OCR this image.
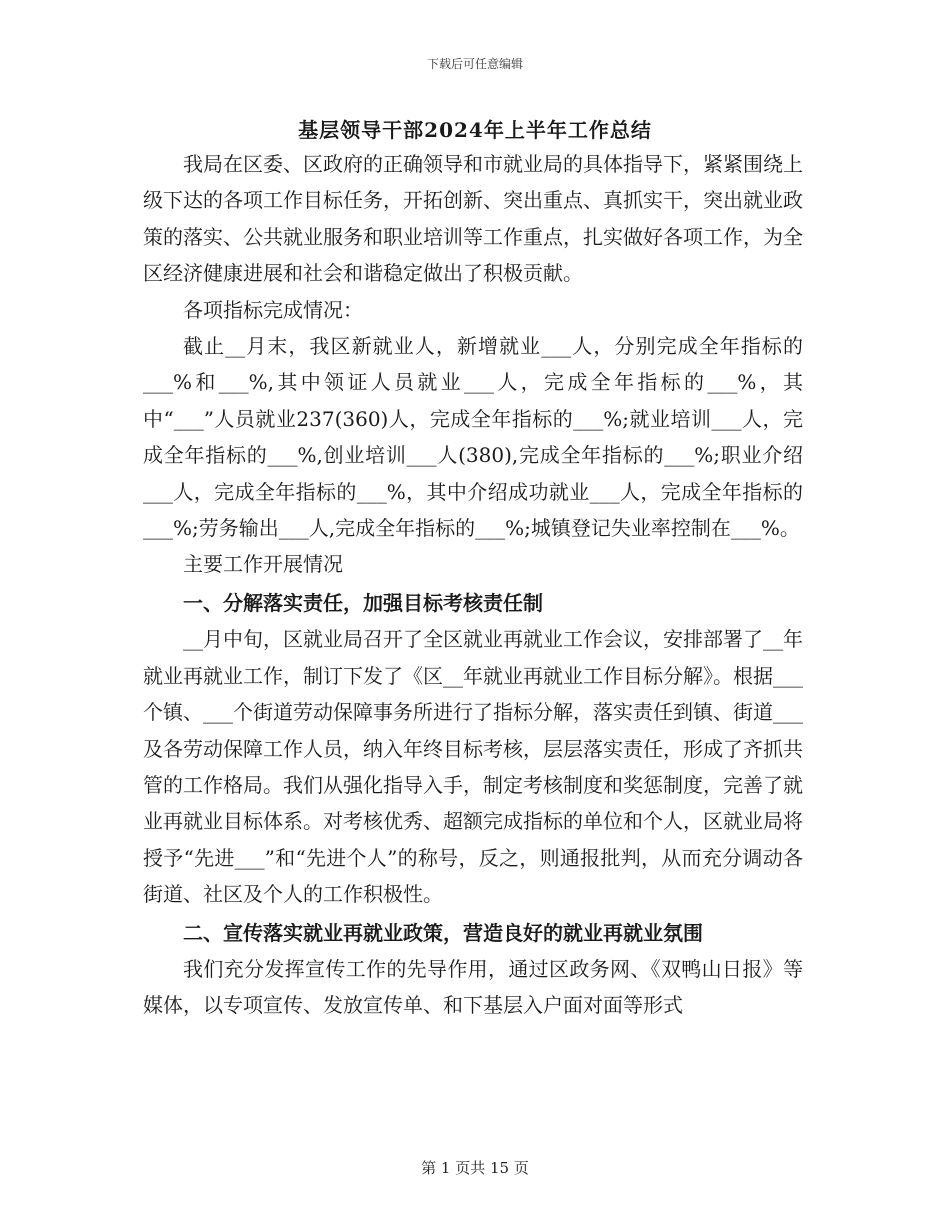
下载后可任意编辑
基层领导干部2024年上半年工作总结

我局在区委、区政府的正确领导和市就业局的具体指导下，紧紧围绕上级下达的各项工作目标任务，开拓创新、突出重点、真抓实干，突出就业政策的落实、公共就业服务和职业培训等工作重点，扎实做好各项工作，为全区经济健康进展和社会和谐稳定做出了积极贡献。

各项指标完成情况：

截止__月末，我区新就业人，新增就业___人，分别完成全年指标的___%和___%,其中领证人员就业___人，完成全年指标的___%，其中“___”人员就业237(360)人，完成全年指标的___%;就业培训___人，完成全年指标的___%,创业培训___人(380),完成全年指标的___%;职业介绍___人，完成全年指标的___%，其中介绍成功就业___人，完成全年指标的___%;劳务输出___人,完成全年指标的___%;城镇登记失业率控制在___%。

主要工作开展情况

一、分解落实责任，加强目标考核责任制

__月中旬，区就业局召开了全区就业再就业工作会议，安排部署了__年就业再就业工作，制订下发了《区__年就业再就业工作目标分解》。根据___个镇、___个街道劳动保障事务所进行了指标分解，落实责任到镇、街道___及各劳动保障工作人员，纳入年终目标考核，层层落实责任，形成了齐抓共管的工作格局。我们从强化指导入手，制定考核制度和奖惩制度，完善了就业再就业目标体系。对考核优秀、超额完成指标的单位和个人，区就业局将授予“先进___”和“先进个人”的称号，反之，则通报批判，从而充分调动各街道、社区及个人的工作积极性。

二、宣传落实就业再就业政策，营造良好的就业再就业氛围

我们充分发挥宣传工作的先导作用，通过区政务网、《双鸭山日报》等媒体，以专项宣传、发放宣传单、和下基层入户面对面等形式

第 1 页共 15 页
